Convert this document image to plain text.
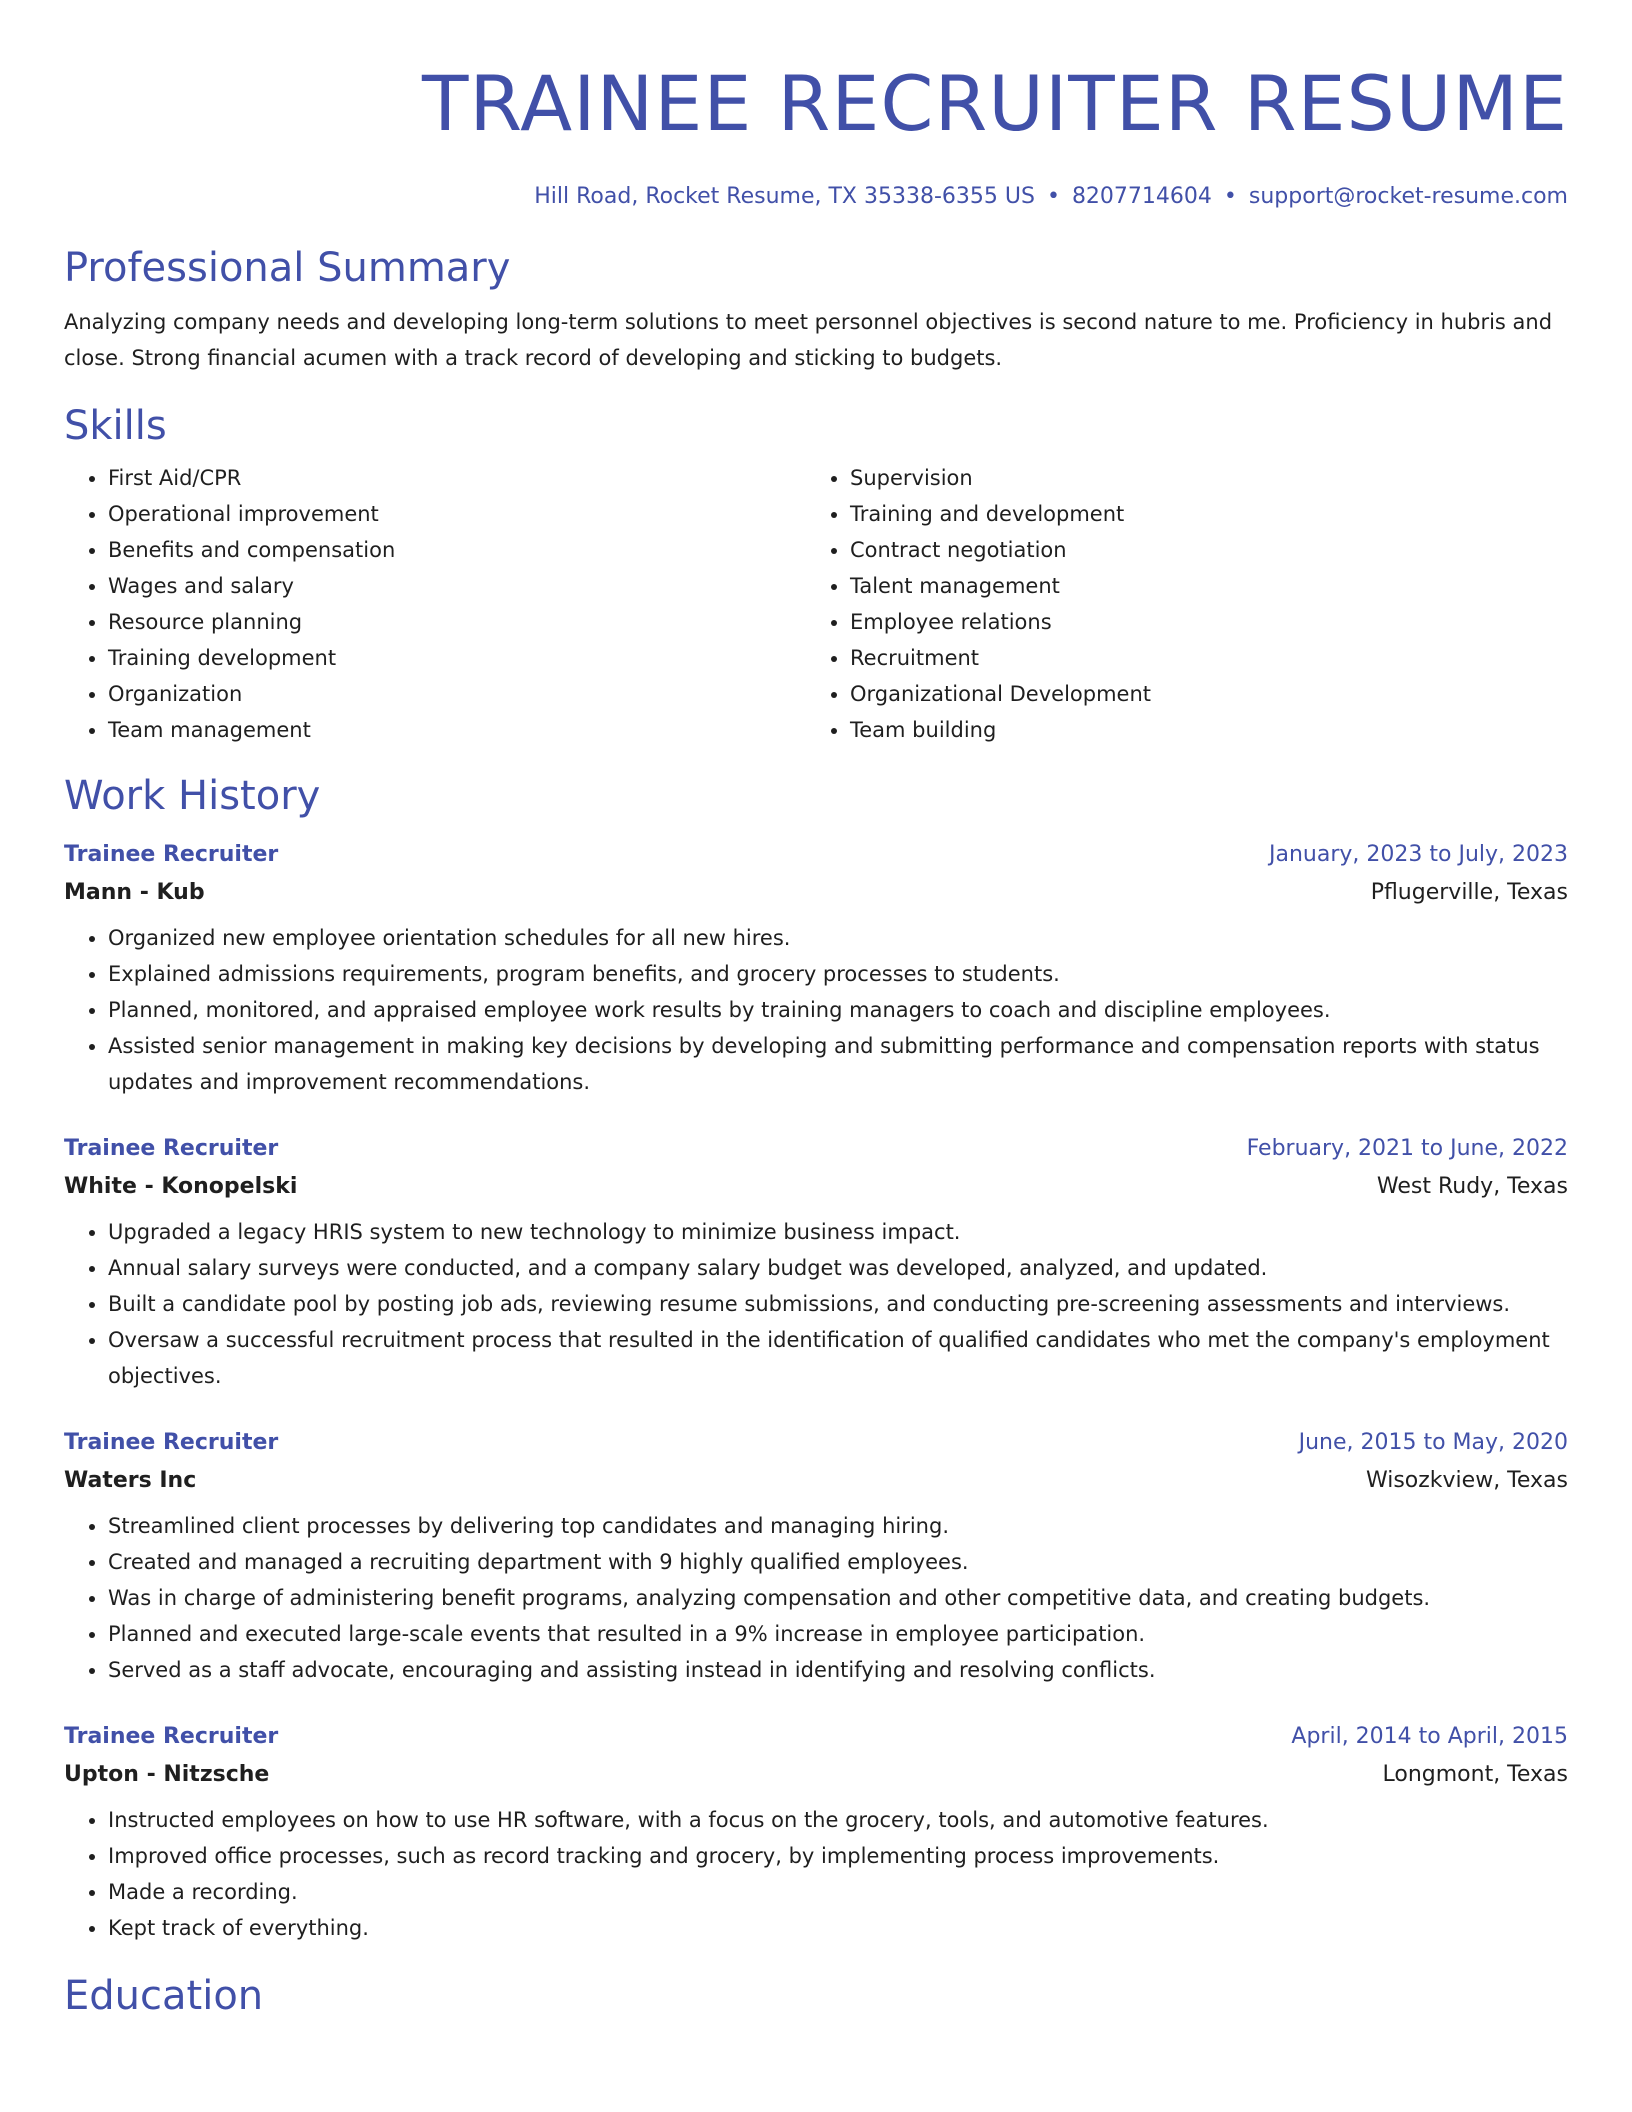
TRAINEE RECRUITER RESUME
Hill Road, Rocket Resume, TX 35338-6355 US • 8207714604 • support@rocket-resume.com
Professional Summary
Analyzing company needs and developing long-term solutions to meet personnel objectives is second nature to me. Proficiency in hubris and close. Strong financial acumen with a track record of developing and sticking to budgets.
Skills
• First Aid/CPR
• Operational improvement
• Benefits and compensation
• Wages and salary
• Resource planning
• Training development
• Organization
• Team management
• Supervision
• Training and development
• Contract negotiation
• Talent management
• Employee relations
• Recruitment
• Organizational Development
• Team building
Work History
Trainee Recruiter	January, 2023 to July, 2023
Mann - Kub	Pflugerville, Texas
• Organized new employee orientation schedules for all new hires.
• Explained admissions requirements, program benefits, and grocery processes to students.
• Planned, monitored, and appraised employee work results by training managers to coach and discipline employees.
• Assisted senior management in making key decisions by developing and submitting performance and compensation reports with status updates and improvement recommendations.
Trainee Recruiter	February, 2021 to June, 2022
White - Konopelski	West Rudy, Texas
• Upgraded a legacy HRIS system to new technology to minimize business impact.
• Annual salary surveys were conducted, and a company salary budget was developed, analyzed, and updated.
• Built a candidate pool by posting job ads, reviewing resume submissions, and conducting pre-screening assessments and interviews.
• Oversaw a successful recruitment process that resulted in the identification of qualified candidates who met the company's employment objectives.
Trainee Recruiter	June, 2015 to May, 2020
Waters Inc	Wisozkview, Texas
• Streamlined client processes by delivering top candidates and managing hiring.
• Created and managed a recruiting department with 9 highly qualified employees.
• Was in charge of administering benefit programs, analyzing compensation and other competitive data, and creating budgets.
• Planned and executed large-scale events that resulted in a 9% increase in employee participation.
• Served as a staff advocate, encouraging and assisting instead in identifying and resolving conflicts.
Trainee Recruiter	April, 2014 to April, 2015
Upton - Nitzsche	Longmont, Texas
• Instructed employees on how to use HR software, with a focus on the grocery, tools, and automotive features.
• Improved office processes, such as record tracking and grocery, by implementing process improvements.
• Made a recording.
• Kept track of everything.
Education
